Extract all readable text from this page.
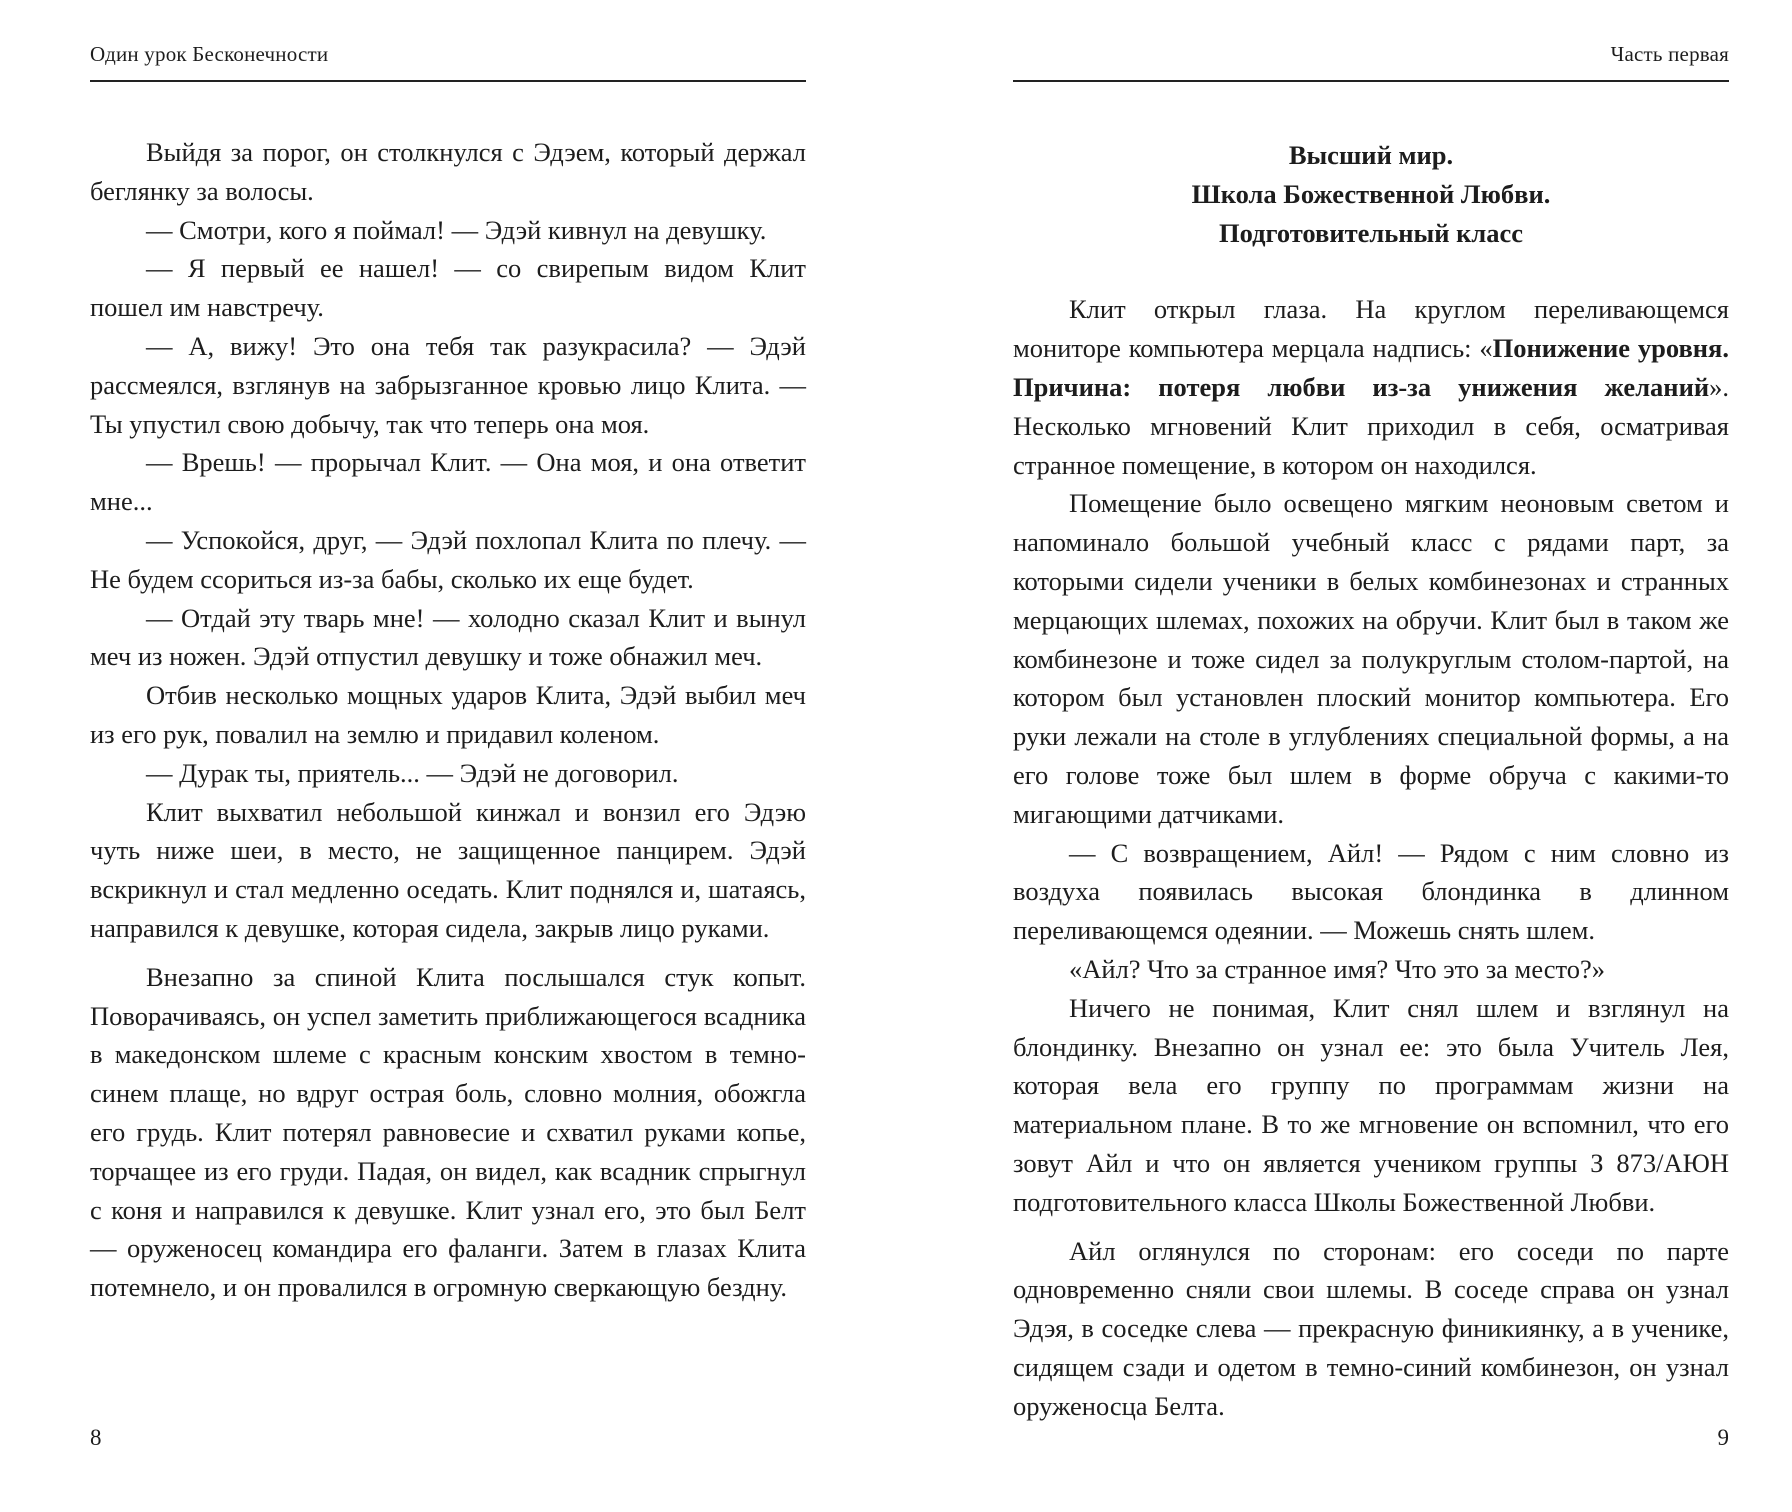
Один урок Бесконечности

Выйдя за порог, он столкнулся с Эдэем, который держал беглянку за волосы.

— Смотри, кого я поймал! — Эдэй кивнул на девушку.

— Я первый ее нашел! — со свирепым видом Клит пошел им навстречу.

— А, вижу! Это она тебя так разукрасила? — Эдэй рассмеялся, взглянув на забрызганное кровью лицо Клита. — Ты упустил свою добычу, так что теперь она моя.

— Врешь! — прорычал Клит. — Она моя, и она ответит мне...

— Успокойся, друг, — Эдэй похлопал Клита по плечу. — Не будем ссориться из-за бабы, сколько их еще будет.

— Отдай эту тварь мне! — холодно сказал Клит и вынул меч из ножен. Эдэй отпустил девушку и тоже обнажил меч.

Отбив несколько мощных ударов Клита, Эдэй выбил меч из его рук, повалил на землю и придавил коленом.

— Дурак ты, приятель... — Эдэй не договорил.

Клит выхватил небольшой кинжал и вонзил его Эдэю чуть ниже шеи, в место, не защищенное панцирем. Эдэй вскрикнул и стал медленно оседать. Клит поднялся и, шатаясь, направился к девушке, которая сидела, закрыв лицо руками.

Внезапно за спиной Клита послышался стук копыт. Поворачиваясь, он успел заметить приближающегося всадника в македонском шлеме с красным конским хвостом в темно-синем плаще, но вдруг острая боль, словно молния, обожгла его грудь. Клит потерял равновесие и схватил руками копье, торчащее из его груди. Падая, он видел, как всадник спрыгнул с коня и направился к девушке. Клит узнал его, это был Белт — оруженосец командира его фаланги. Затем в глазах Клита потемнело, и он провалился в огромную сверкающую бездну.

8
Часть первая
Высший мир.
Школа Божественной Любви.
Подготовительный класс

Клит открыл глаза. На круглом переливающемся мониторе компьютера мерцала надпись: «Понижение уровня. Причина: потеря любви из-за унижения желаний». Несколько мгновений Клит приходил в себя, осматривая странное помещение, в котором он находился.

Помещение было освещено мягким неоновым светом и напоминало большой учебный класс с рядами парт, за которыми сидели ученики в белых комбинезонах и странных мерцающих шлемах, похожих на обручи. Клит был в таком же комбинезоне и тоже сидел за полукруглым столом-партой, на котором был установлен плоский монитор компьютера. Его руки лежали на столе в углублениях специальной формы, а на его голове тоже был шлем в форме обруча с какими-то мигающими датчиками.

— С возвращением, Айл! — Рядом с ним словно из воздуха появилась высокая блондинка в длинном переливающемся одеянии. — Можешь снять шлем.

«Айл? Что за странное имя? Что это за место?»

Ничего не понимая, Клит снял шлем и взглянул на блондинку. Внезапно он узнал ее: это была Учитель Лея, которая вела его группу по программам жизни на материальном плане. В то же мгновение он вспомнил, что его зовут Айл и что он является учеником группы З 873/АЮН подготовительного класса Школы Божественной Любви.

Айл оглянулся по сторонам: его соседи по парте одновременно сняли свои шлемы. В соседе справа он узнал Эдэя, в соседке слева — прекрасную финикиянку, а в ученике, сидящем сзади и одетом в темно-синий комбинезон, он узнал оруженосца Белта.

9
